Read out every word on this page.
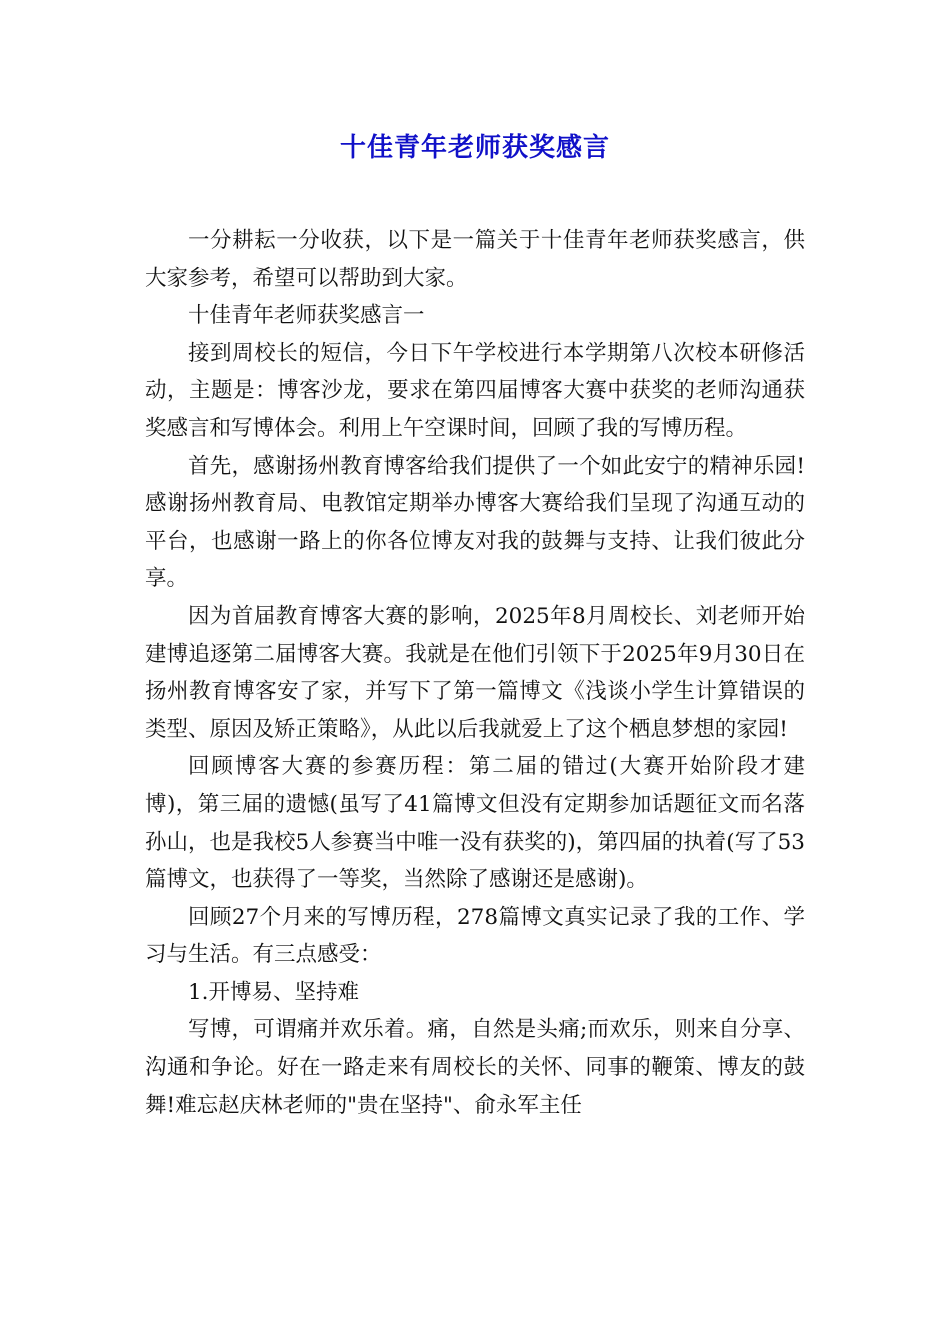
十佳青年老师获奖感言

一分耕耘一分收获，以下是一篇关于十佳青年老师获奖感言，供大家参考，希望可以帮助到大家。

十佳青年老师获奖感言一

接到周校长的短信，今日下午学校进行本学期第八次校本研修活动，主题是：博客沙龙，要求在第四届博客大赛中获奖的老师沟通获奖感言和写博体会。利用上午空课时间，回顾了我的写博历程。

首先，感谢扬州教育博客给我们提供了一个如此安宁的精神乐园!感谢扬州教育局、电教馆定期举办博客大赛给我们呈现了沟通互动的平台，也感谢一路上的你各位博友对我的鼓舞与支持、让我们彼此分享。

因为首届教育博客大赛的影响，2025年8月周校长、刘老师开始建博追逐第二届博客大赛。我就是在他们引领下于2025年9月30日在扬州教育博客安了家，并写下了第一篇博文《浅谈小学生计算错误的类型、原因及矫正策略》，从此以后我就爱上了这个栖息梦想的家园!

回顾博客大赛的参赛历程：第二届的错过(大赛开始阶段才建博)，第三届的遗憾(虽写了41篇博文但没有定期参加话题征文而名落孙山，也是我校5人参赛当中唯一没有获奖的)，第四届的执着(写了53篇博文，也获得了一等奖，当然除了感谢还是感谢)。

回顾27个月来的写博历程，278篇博文真实记录了我的工作、学习与生活。有三点感受：

1.开博易、坚持难

写博，可谓痛并欢乐着。痛，自然是头痛;而欢乐，则来自分享、沟通和争论。好在一路走来有周校长的关怀、同事的鞭策、博友的鼓舞!难忘赵庆林老师的"贵在坚持"、俞永军主任
